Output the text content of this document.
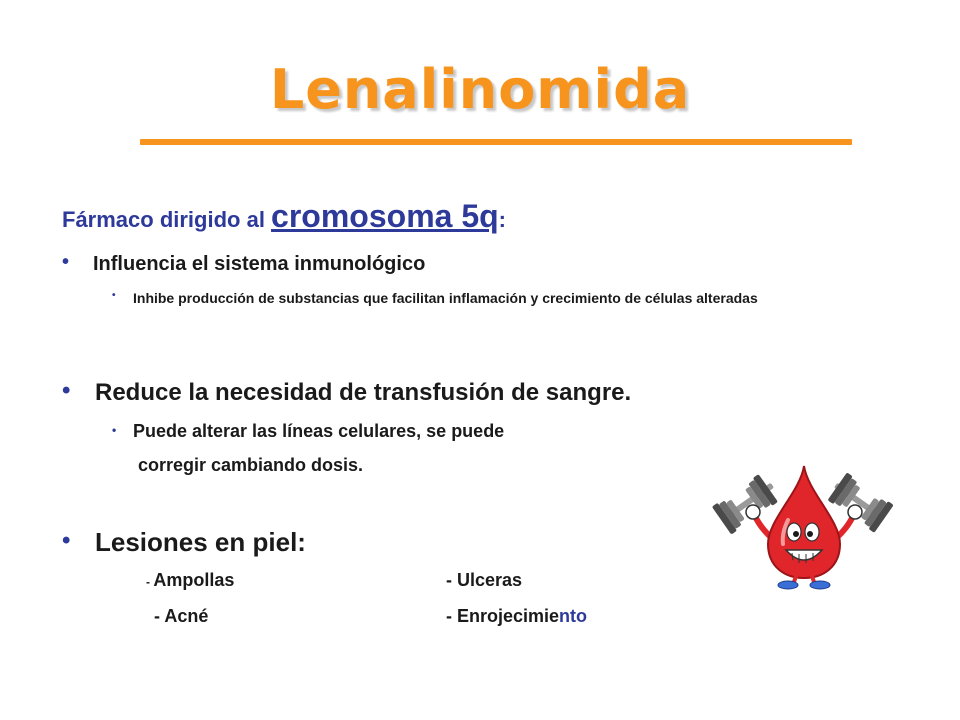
Lenalinomida
Fármaco dirigido al cromosoma 5q:
• Influencia el sistema inmunológico
• Inhibe producción de substancias que facilitan inflamación y crecimiento de células alteradas
• Reduce la necesidad de transfusión de sangre.
• Puede alterar las líneas celulares, se puede
corregir cambiando dosis.
• Lesiones en piel:
- Ampollas	- Ulceras
- Acné	- Enrojecimiento
